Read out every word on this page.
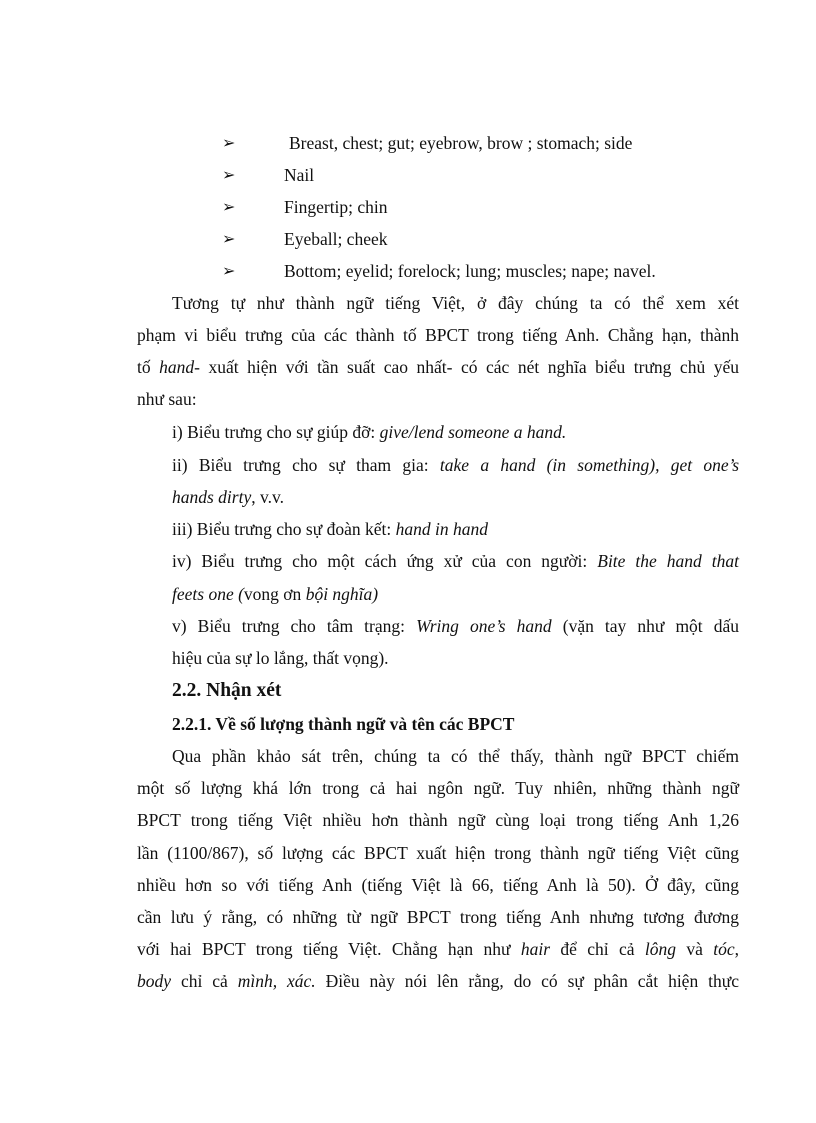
➢	Breast, chest; gut; eyebrow, brow ; stomach; side
➢	Nail
➢	Fingertip; chin
➢	Eyeball; cheek
➢	Bottom; eyelid; forelock; lung; muscles; nape; navel.
Tương tự như thành ngữ tiếng Việt, ở đây chúng ta có thể xem xét
phạm vi biểu trưng của các thành tố BPCT trong tiếng Anh. Chẳng hạn, thành
tố hand- xuất hiện với tần suất cao nhất- có các nét nghĩa biểu trưng chủ yếu
như sau:
i) Biểu trưng cho sự giúp đỡ: give/lend someone a hand.
ii) Biểu trưng cho sự tham gia: take a hand (in something), get one’s
hands dirty, v.v.
iii) Biểu trưng cho sự đoàn kết: hand in hand
iv) Biểu trưng cho một cách ứng xử của con người: Bite the hand that
feets one (vong ơn bội nghĩa)
v) Biểu trưng cho tâm trạng: Wring one’s hand (vặn tay như một dấu
hiệu của sự lo lắng, thất vọng).
2.2. Nhận xét
2.2.1. Về số lượng thành ngữ và tên các BPCT
Qua phần khảo sát trên, chúng ta có thể thấy, thành ngữ BPCT chiếm
một số lượng khá lớn trong cả hai ngôn ngữ. Tuy nhiên, những thành ngữ
BPCT trong tiếng Việt nhiều hơn thành ngữ cùng loại trong tiếng Anh 1,26
lần (1100/867), số lượng các BPCT xuất hiện trong thành ngữ tiếng Việt cũng
nhiều hơn so với tiếng Anh (tiếng Việt là 66, tiếng Anh là 50). Ở đây, cũng
cần lưu ý rằng, có những từ ngữ BPCT trong tiếng Anh nhưng tương đương
với hai BPCT trong tiếng Việt. Chẳng hạn như hair để chỉ cả lông và tóc,
body chỉ cả mình, xác. Điều này nói lên rằng, do có sự phân cắt hiện thực
